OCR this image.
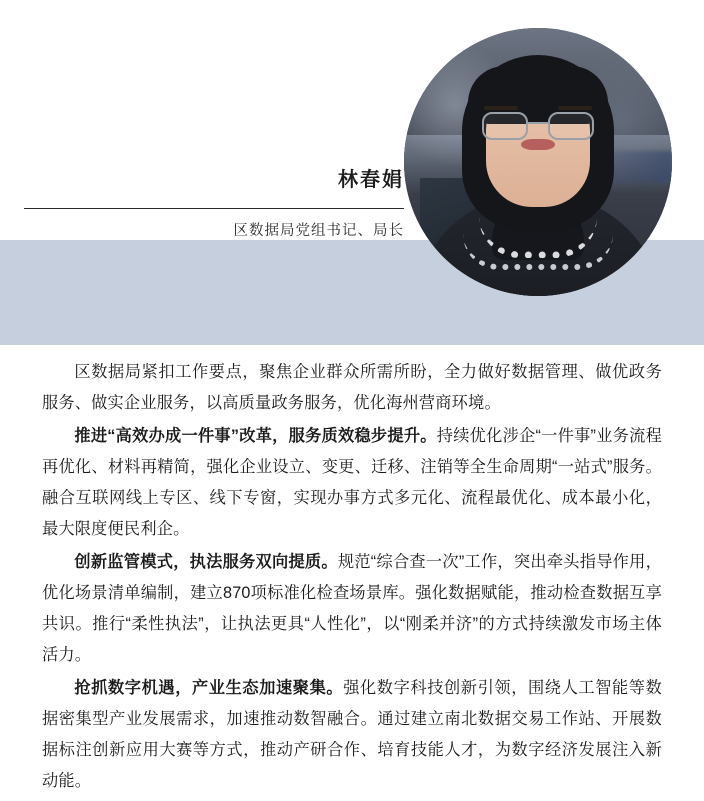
林春娟
区数据局党组书记、局长

区数据局紧扣工作要点，聚焦企业群众所需所盼，全力做好数据管理、做优政务服务、做实企业服务，以高质量政务服务，优化海州营商环境。

推进“高效办成一件事”改革，服务质效稳步提升。持续优化涉企“一件事”业务流程再优化、材料再精简，强化企业设立、变更、迁移、注销等全生命周期“一站式”服务。融合互联网线上专区、线下专窗，实现办事方式多元化、流程最优化、成本最小化，最大限度便民利企。

创新监管模式，执法服务双向提质。规范“综合查一次”工作，突出牵头指导作用，优化场景清单编制，建立870项标准化检查场景库。强化数据赋能，推动检查数据互享共识。推行“柔性执法”，让执法更具“人性化”，以“刚柔并济”的方式持续激发市场主体活力。

抢抓数字机遇，产业生态加速聚集。强化数字科技创新引领，围绕人工智能等数据密集型产业发展需求，加速推动数智融合。通过建立南北数据交易工作站、开展数据标注创新应用大赛等方式，推动产研合作、培育技能人才，为数字经济发展注入新动能。
